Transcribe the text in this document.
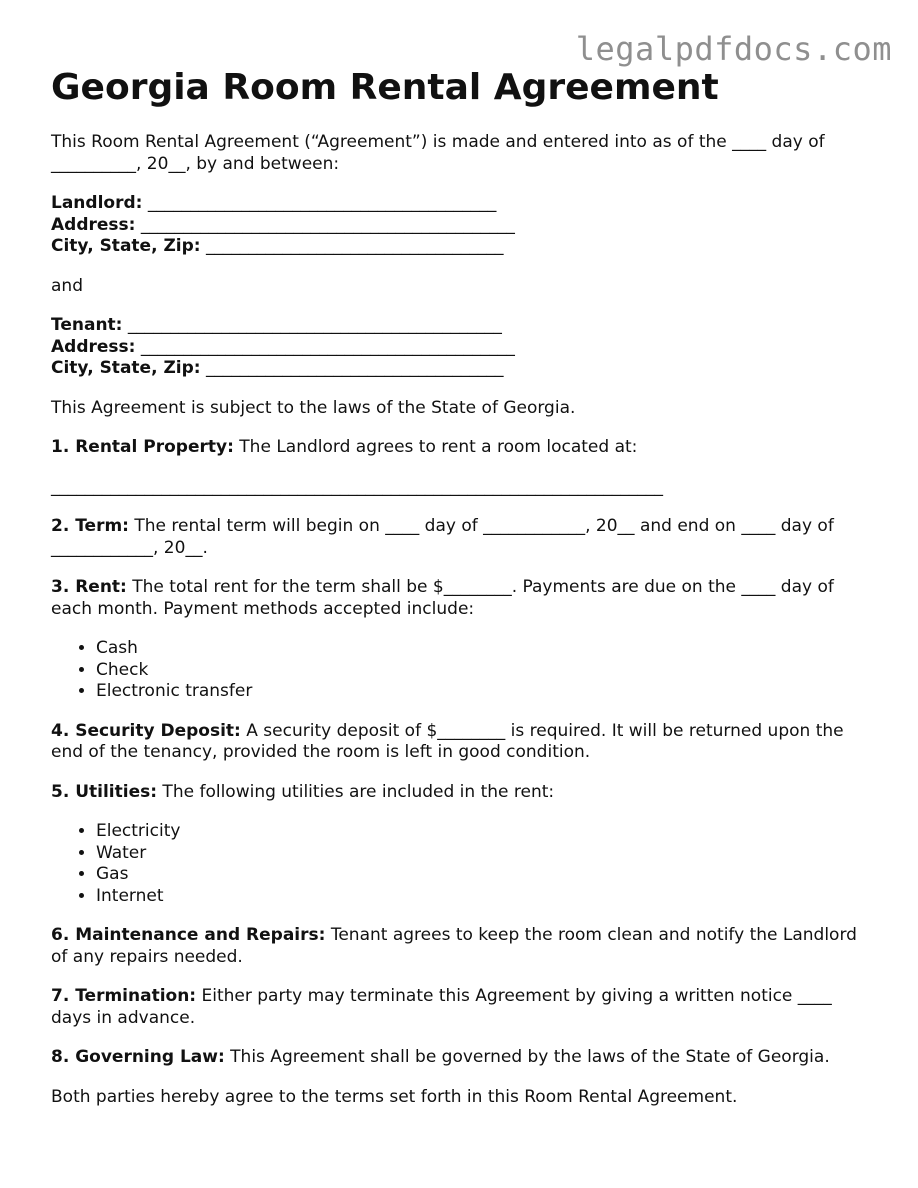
legalpdfdocs.com
Georgia Room Rental Agreement

This Room Rental Agreement (“Agreement”) is made and entered into as of the ____ day of __________, 20__, by and between:

Landlord: _________________________________________

Address: ____________________________________________

City, State, Zip: ___________________________________

and

Tenant: ____________________________________________

Address: ____________________________________________

City, State, Zip: ___________________________________

This Agreement is subject to the laws of the State of Georgia.

1. Rental Property: The Landlord agrees to rent a room located at:

________________________________________________________________________

2. Term: The rental term will begin on ____ day of ____________, 20__ and end on ____ day of ____________, 20__.

3. Rent: The total rent for the term shall be $________. Payments are due on the ____ day of each month. Payment methods accepted include:

• Cash
• Check
• Electronic transfer

4. Security Deposit: A security deposit of $________ is required. It will be returned upon the end of the tenancy, provided the room is left in good condition.

5. Utilities: The following utilities are included in the rent:

• Electricity
• Water
• Gas
• Internet

6. Maintenance and Repairs: Tenant agrees to keep the room clean and notify the Landlord of any repairs needed.

7. Termination: Either party may terminate this Agreement by giving a written notice ____ days in advance.

8. Governing Law: This Agreement shall be governed by the laws of the State of Georgia.

Both parties hereby agree to the terms set forth in this Room Rental Agreement.
